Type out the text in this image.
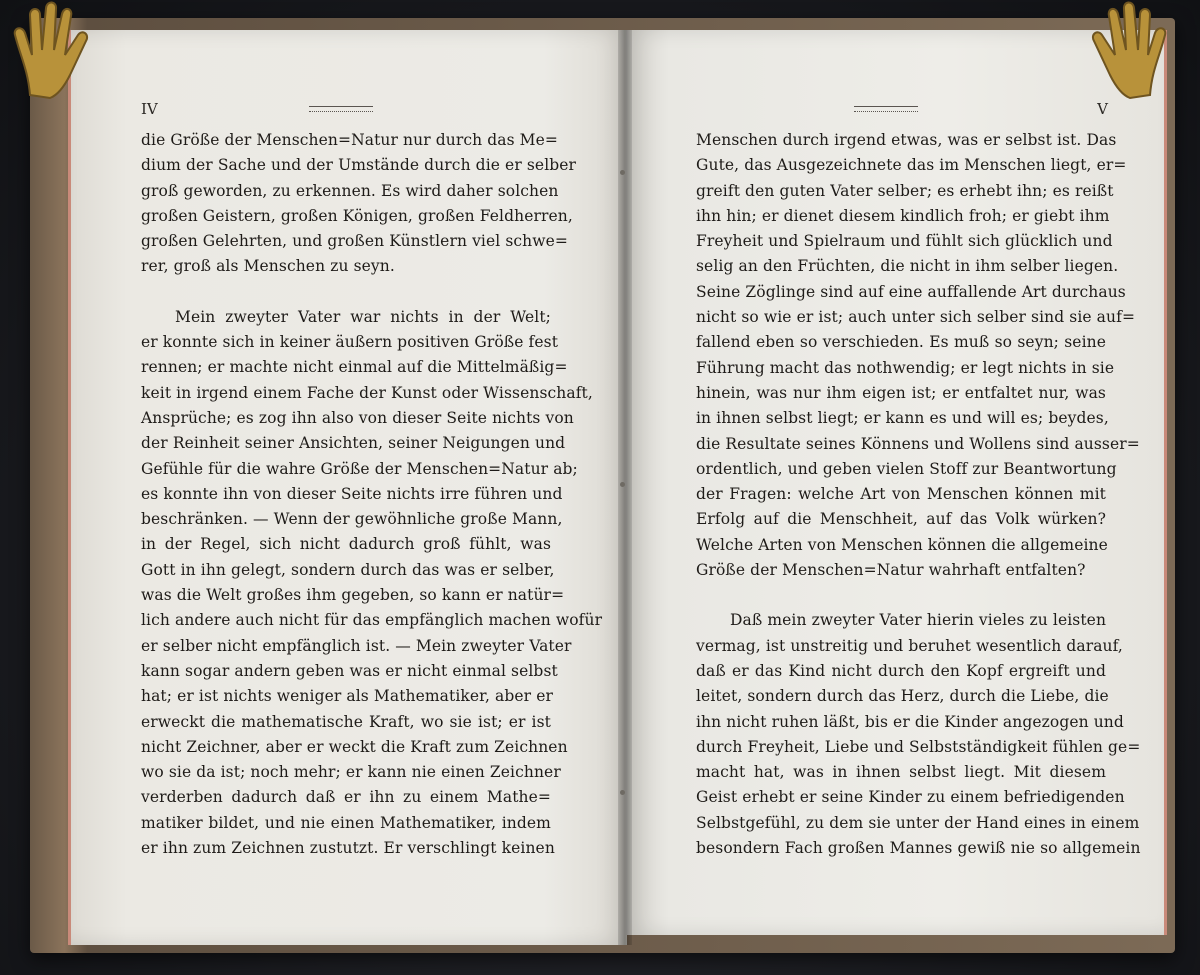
IV
die Größe der Menschen=Natur nur durch das Me=
dium der Sache und der Umstände durch die er selber
groß geworden, zu erkennen. Es wird daher solchen
großen Geistern, großen Königen, großen Feldherren,
großen Gelehrten, und großen Künstlern viel schwe=
rer, groß als Menschen zu seyn.
Mein zweyter Vater war nichts in der Welt;
er konnte sich in keiner äußern positiven Größe fest
rennen; er machte nicht einmal auf die Mittelmäßig=
keit in irgend einem Fache der Kunst oder Wissenschaft,
Ansprüche; es zog ihn also von dieser Seite nichts von
der Reinheit seiner Ansichten, seiner Neigungen und
Gefühle für die wahre Größe der Menschen=Natur ab;
es konnte ihn von dieser Seite nichts irre führen und
beschränken. — Wenn der gewöhnliche große Mann,
in der Regel, sich nicht dadurch groß fühlt, was
Gott in ihn gelegt, sondern durch das was er selber,
was die Welt großes ihm gegeben, so kann er natür=
lich andere auch nicht für das empfänglich machen wofür
er selber nicht empfänglich ist. — Mein zweyter Vater
kann sogar andern geben was er nicht einmal selbst
hat; er ist nichts weniger als Mathematiker, aber er
erweckt die mathematische Kraft, wo sie ist; er ist
nicht Zeichner, aber er weckt die Kraft zum Zeichnen
wo sie da ist; noch mehr; er kann nie einen Zeichner
verderben dadurch daß er ihn zu einem Mathe=
matiker bildet, und nie einen Mathematiker, indem
er ihn zum Zeichnen zustutzt. Er verschlingt keinen
V
Menschen durch irgend etwas, was er selbst ist. Das
Gute, das Ausgezeichnete das im Menschen liegt, er=
greift den guten Vater selber; es erhebt ihn; es reißt
ihn hin; er dienet diesem kindlich froh; er giebt ihm
Freyheit und Spielraum und fühlt sich glücklich und
selig an den Früchten, die nicht in ihm selber liegen.
Seine Zöglinge sind auf eine auffallende Art durchaus
nicht so wie er ist; auch unter sich selber sind sie auf=
fallend eben so verschieden. Es muß so seyn; seine
Führung macht das nothwendig; er legt nichts in sie
hinein, was nur ihm eigen ist; er entfaltet nur, was
in ihnen selbst liegt; er kann es und will es; beydes,
die Resultate seines Könnens und Wollens sind ausser=
ordentlich, und geben vielen Stoff zur Beantwortung
der Fragen: welche Art von Menschen können mit
Erfolg auf die Menschheit, auf das Volk würken?
Welche Arten von Menschen können die allgemeine
Größe der Menschen=Natur wahrhaft entfalten?
Daß mein zweyter Vater hierin vieles zu leisten
vermag, ist unstreitig und beruhet wesentlich darauf,
daß er das Kind nicht durch den Kopf ergreift und
leitet, sondern durch das Herz, durch die Liebe, die
ihn nicht ruhen läßt, bis er die Kinder angezogen und
durch Freyheit, Liebe und Selbstständigkeit fühlen ge=
macht hat, was in ihnen selbst liegt. Mit diesem
Geist erhebt er seine Kinder zu einem befriedigenden
Selbstgefühl, zu dem sie unter der Hand eines in einem
besondern Fach großen Mannes gewiß nie so allgemein
